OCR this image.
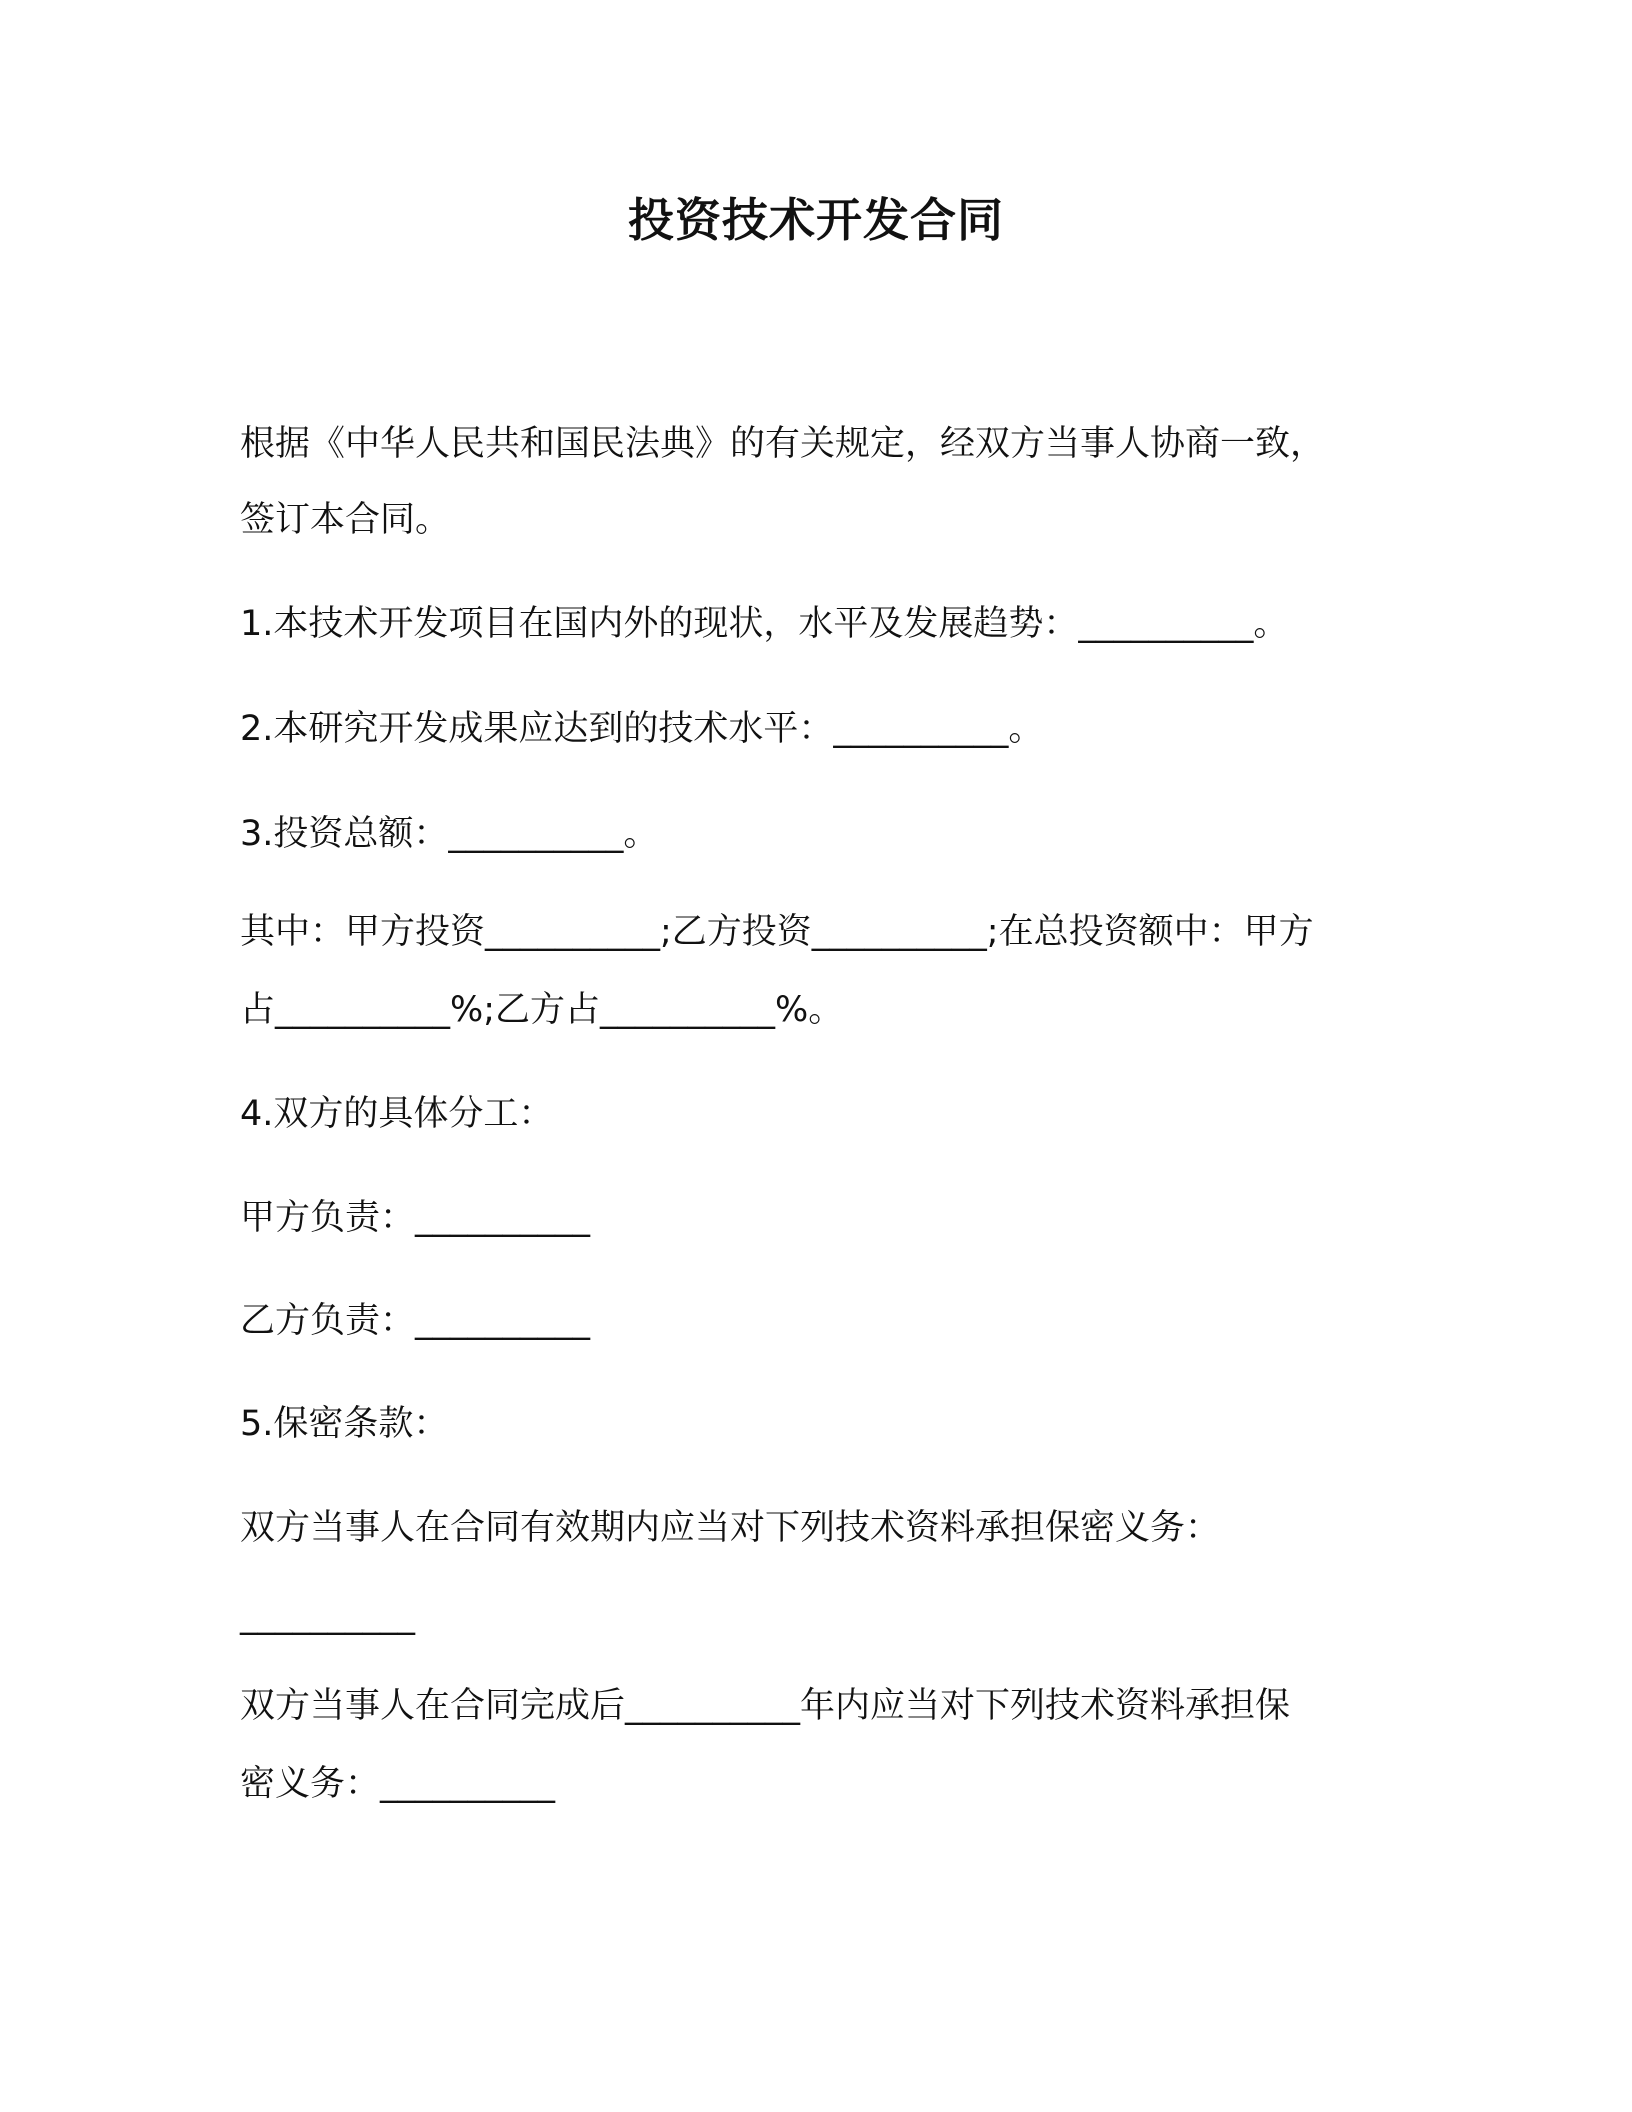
投资技术开发合同
根据《中华人民共和国民法典》的有关规定，经双方当事人协商一致，
签订本合同。
1.本技术开发项目在国内外的现状，水平及发展趋势：__________。
2.本研究开发成果应达到的技术水平：__________。
3.投资总额：__________。
其中：甲方投资__________;乙方投资__________;在总投资额中：甲方
占__________%;乙方占__________%。
4.双方的具体分工：
甲方负责：__________
乙方负责：__________
5.保密条款：
双方当事人在合同有效期内应当对下列技术资料承担保密义务：
__________
双方当事人在合同完成后__________年内应当对下列技术资料承担保
密义务：__________
